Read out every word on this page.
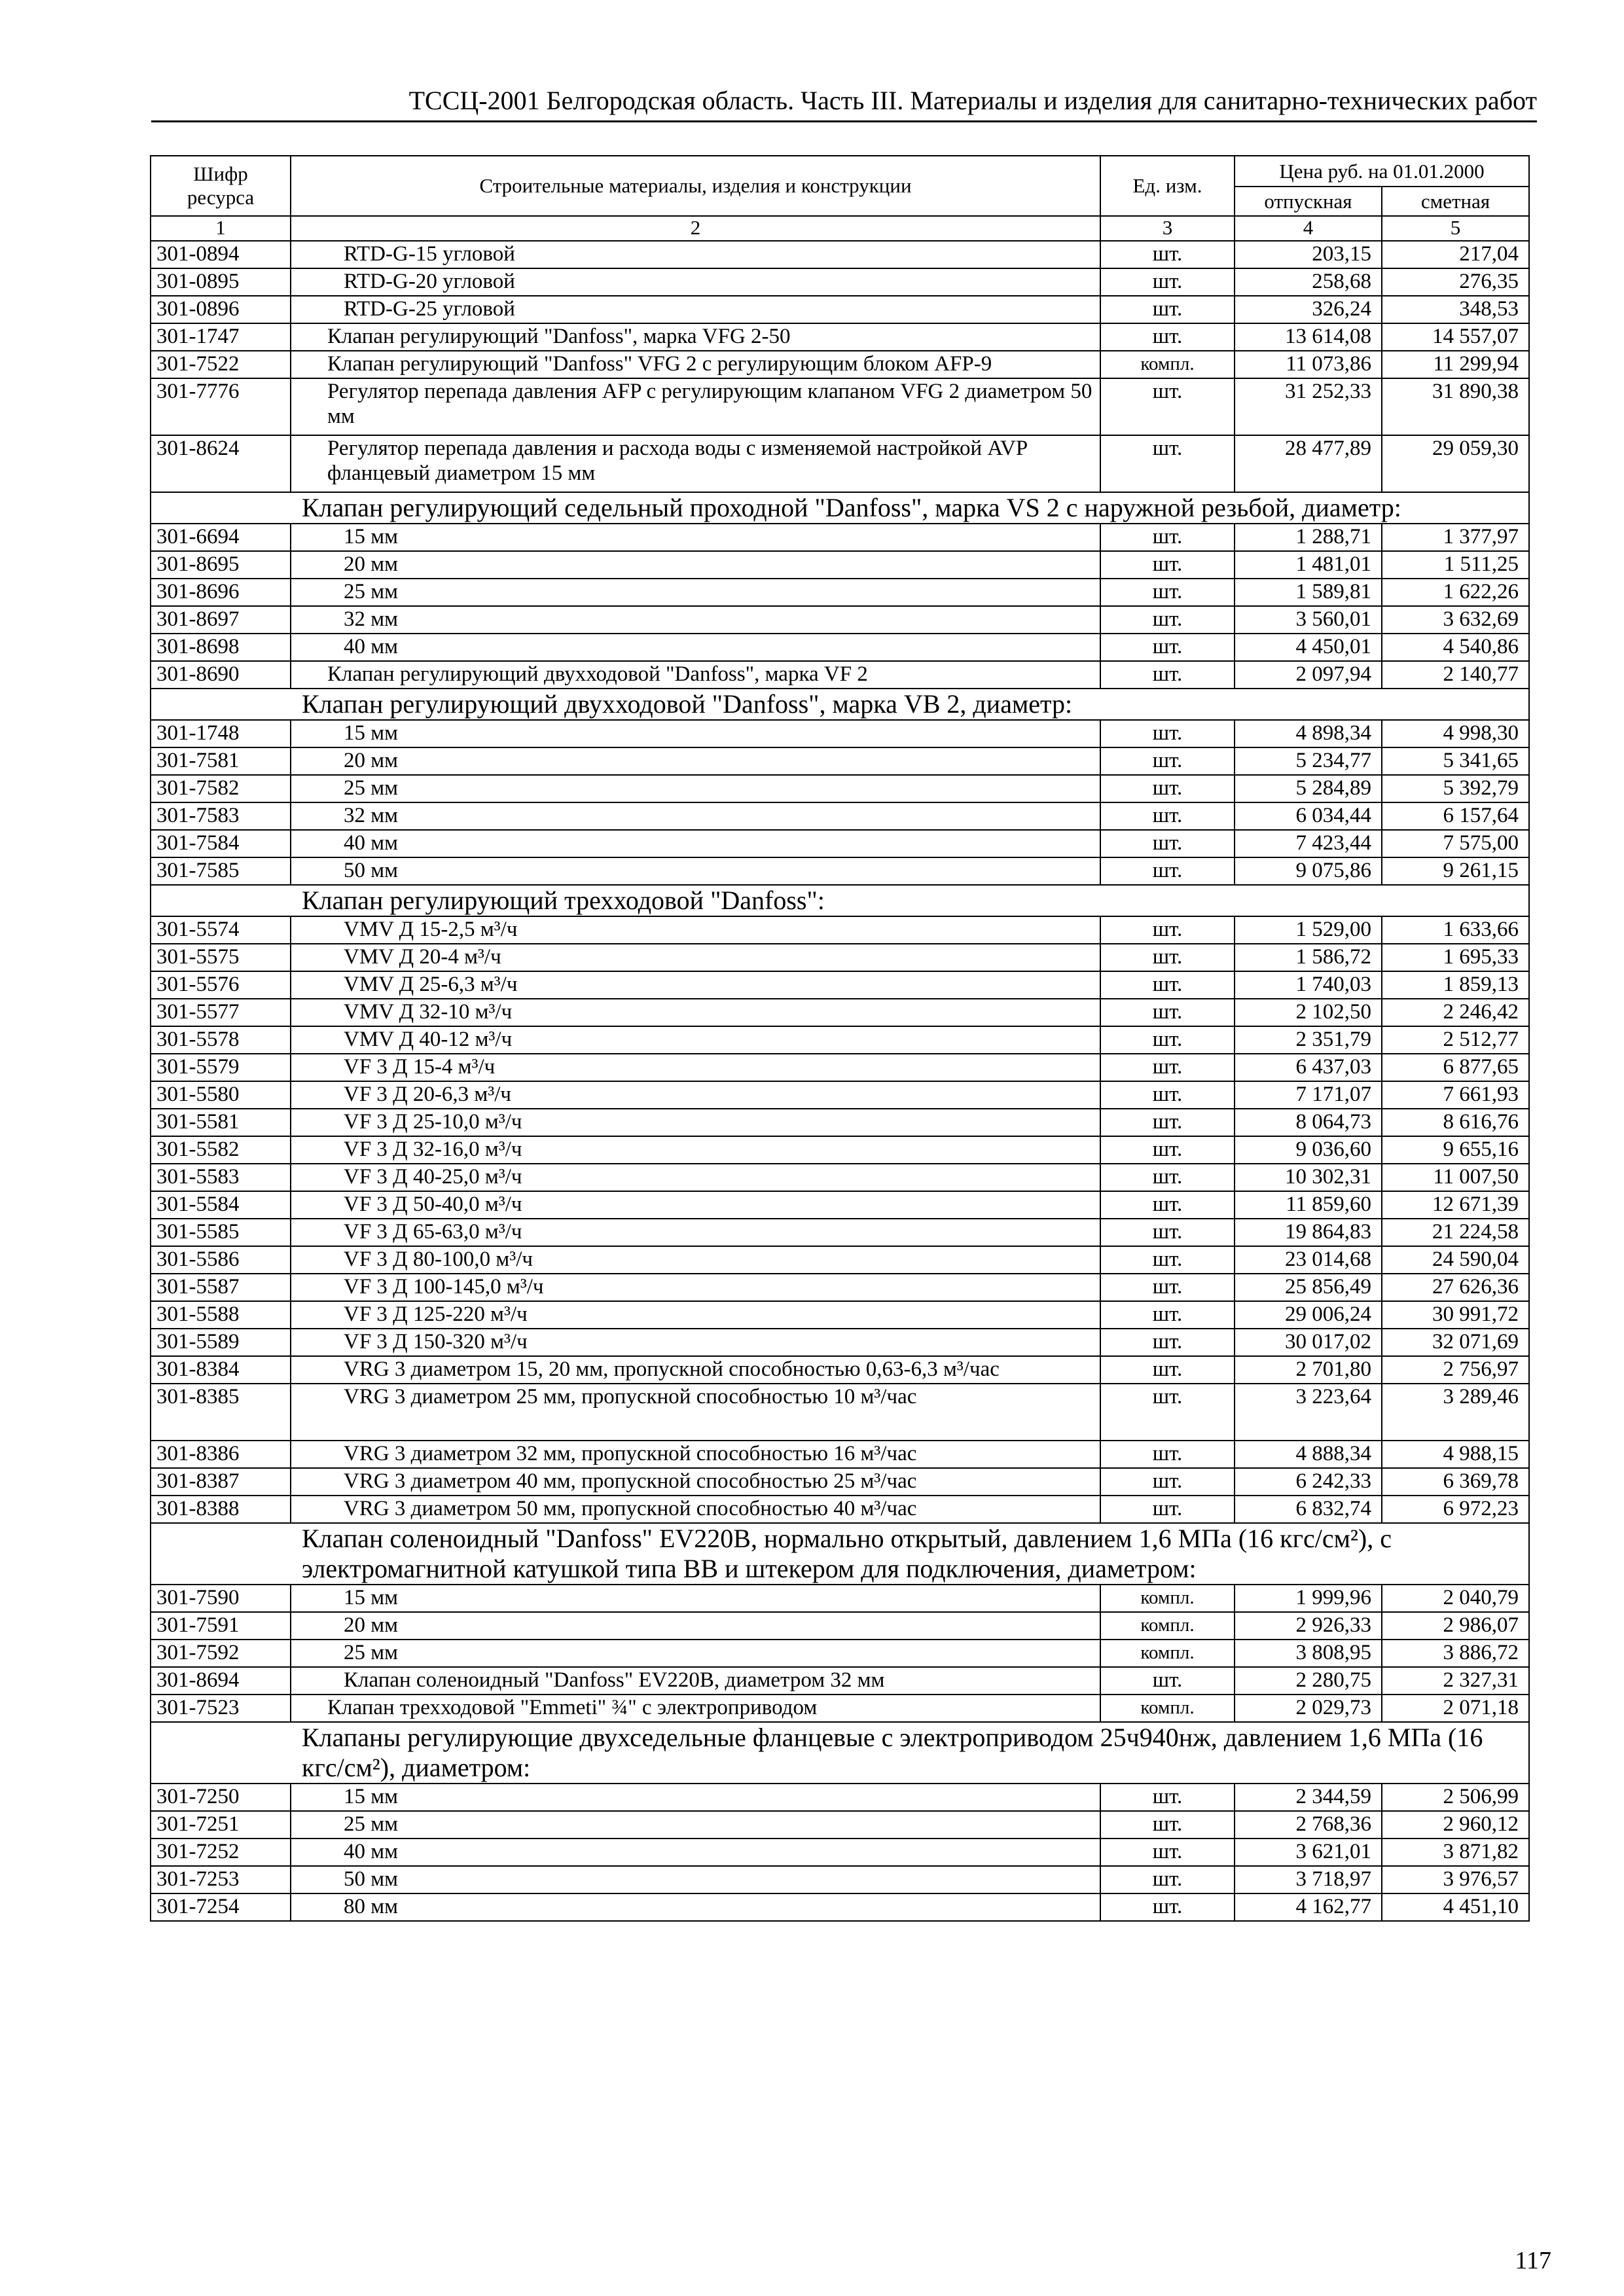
ТССЦ-2001 Белгородская область. Часть III. Материалы и изделия для санитарно-технических работ
Шифр ресурса	Строительные материалы, изделия и конструкции	Ед. изм.	Цена руб. на 01.01.2000	
			отпускная	сметная
1	2	3	4	5
301-0894	RTD-G-15 угловой	шт.	203,15	217,04
301-0895	RTD-G-20 угловой	шт.	258,68	276,35
301-0896	RTD-G-25 угловой	шт.	326,24	348,53
301-1747	Клапан регулирующий "Danfoss", марка VFG 2-50	шт.	13 614,08	14 557,07
301-7522	Клапан регулирующий "Danfoss" VFG 2 с регулирующим блоком AFP-9	компл.	11 073,86	11 299,94
301-7776	Регулятор перепада давления AFP с регулирующим клапаном VFG 2 диаметром 50 мм	шт.	31 252,33	31 890,38
301-8624	Регулятор перепада давления и расхода воды с изменяемой настройкой AVP фланцевый диаметром 15 мм	шт.	28 477,89	29 059,30
Клапан регулирующий седельный проходной "Danfoss", марка VS 2 с наружной резьбой, диаметр:				
301-6694	15 мм	шт.	1 288,71	1 377,97
301-8695	20 мм	шт.	1 481,01	1 511,25
301-8696	25 мм	шт.	1 589,81	1 622,26
301-8697	32 мм	шт.	3 560,01	3 632,69
301-8698	40 мм	шт.	4 450,01	4 540,86
301-8690	Клапан регулирующий двухходовой "Danfoss", марка VF 2	шт.	2 097,94	2 140,77
Клапан регулирующий двухходовой "Danfoss", марка VB 2, диаметр:				
301-1748	15 мм	шт.	4 898,34	4 998,30
301-7581	20 мм	шт.	5 234,77	5 341,65
301-7582	25 мм	шт.	5 284,89	5 392,79
301-7583	32 мм	шт.	6 034,44	6 157,64
301-7584	40 мм	шт.	7 423,44	7 575,00
301-7585	50 мм	шт.	9 075,86	9 261,15
Клапан регулирующий трехходовой "Danfoss":				
301-5574	VMV Д 15-2,5 м³/ч	шт.	1 529,00	1 633,66
301-5575	VMV Д 20-4 м³/ч	шт.	1 586,72	1 695,33
301-5576	VMV Д 25-6,3 м³/ч	шт.	1 740,03	1 859,13
301-5577	VMV Д 32-10 м³/ч	шт.	2 102,50	2 246,42
301-5578	VMV Д 40-12 м³/ч	шт.	2 351,79	2 512,77
301-5579	VF 3 Д 15-4 м³/ч	шт.	6 437,03	6 877,65
301-5580	VF 3 Д 20-6,3 м³/ч	шт.	7 171,07	7 661,93
301-5581	VF 3 Д 25-10,0 м³/ч	шт.	8 064,73	8 616,76
301-5582	VF 3 Д 32-16,0 м³/ч	шт.	9 036,60	9 655,16
301-5583	VF 3 Д 40-25,0 м³/ч	шт.	10 302,31	11 007,50
301-5584	VF 3 Д 50-40,0 м³/ч	шт.	11 859,60	12 671,39
301-5585	VF 3 Д 65-63,0 м³/ч	шт.	19 864,83	21 224,58
301-5586	VF 3 Д 80-100,0 м³/ч	шт.	23 014,68	24 590,04
301-5587	VF 3 Д 100-145,0 м³/ч	шт.	25 856,49	27 626,36
301-5588	VF 3 Д 125-220 м³/ч	шт.	29 006,24	30 991,72
301-5589	VF 3 Д 150-320 м³/ч	шт.	30 017,02	32 071,69
301-8384	VRG 3 диаметром 15, 20 мм, пропускной способностью 0,63-6,3 м³/час	шт.	2 701,80	2 756,97
301-8385	VRG 3 диаметром 25 мм, пропускной способностью 10 м³/час	шт.	3 223,64	3 289,46
301-8386	VRG 3 диаметром 32 мм, пропускной способностью 16 м³/час	шт.	4 888,34	4 988,15
301-8387	VRG 3 диаметром 40 мм, пропускной способностью 25 м³/час	шт.	6 242,33	6 369,78
301-8388	VRG 3 диаметром 50 мм, пропускной способностью 40 м³/час	шт.	6 832,74	6 972,23
Клапан соленоидный "Danfoss" EV220B, нормально открытый, давлением 1,6 МПа (16 кгс/см²), с электромагнитной катушкой типа BB и штекером для подключения, диаметром:				
301-7590	15 мм	компл.	1 999,96	2 040,79
301-7591	20 мм	компл.	2 926,33	2 986,07
301-7592	25 мм	компл.	3 808,95	3 886,72
301-8694	Клапан соленоидный "Danfoss" EV220B, диаметром 32 мм	шт.	2 280,75	2 327,31
301-7523	Клапан трехходовой "Emmeti" ¾" с электроприводом	компл.	2 029,73	2 071,18
Клапаны регулирующие двухседельные фланцевые с электроприводом 25ч940нж, давлением 1,6 МПа (16 кгс/см²), диаметром:				
301-7250	15 мм	шт.	2 344,59	2 506,99
301-7251	25 мм	шт.	2 768,36	2 960,12
301-7252	40 мм	шт.	3 621,01	3 871,82
301-7253	50 мм	шт.	3 718,97	3 976,57
301-7254	80 мм	шт.	4 162,77	4 451,10
117
